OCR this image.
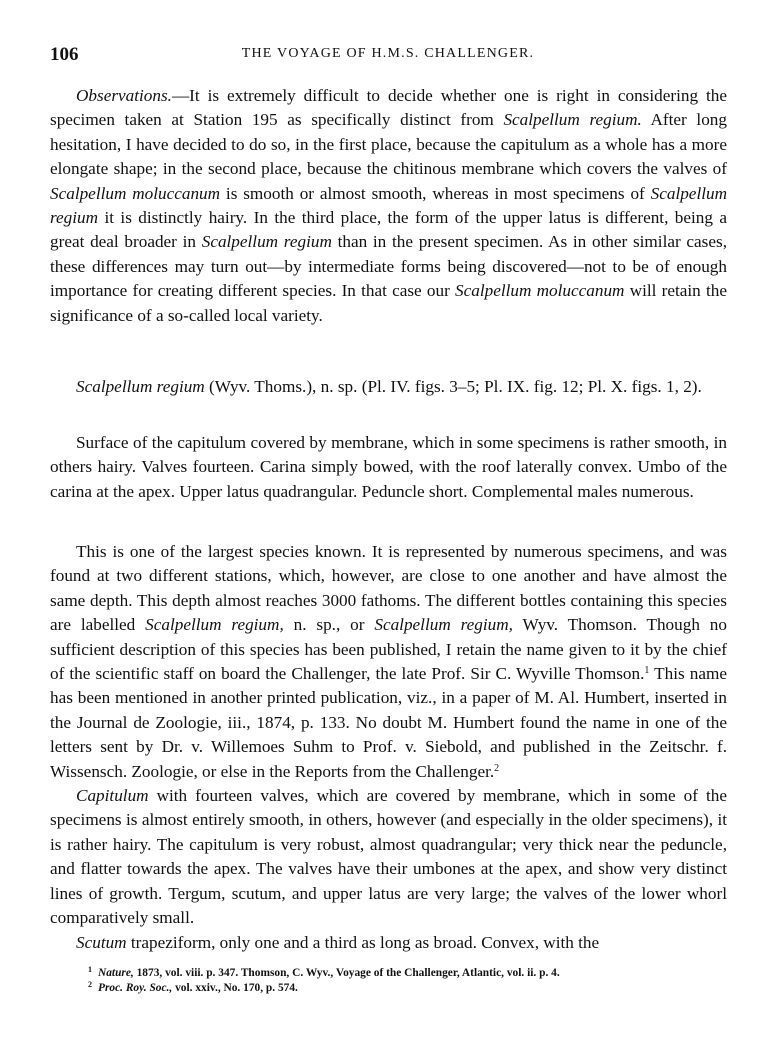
106	THE VOYAGE OF H.M.S. CHALLENGER.

Observations.—It is extremely difficult to decide whether one is right in considering the specimen taken at Station 195 as specifically distinct from Scalpellum regium. After long hesitation, I have decided to do so, in the first place, because the capitulum as a whole has a more elongate shape; in the second place, because the chitinous membrane which covers the valves of Scalpellum moluccanum is smooth or almost smooth, whereas in most specimens of Scalpellum regium it is distinctly hairy. In the third place, the form of the upper latus is different, being a great deal broader in Scalpellum regium than in the present specimen. As in other similar cases, these differences may turn out—by intermediate forms being discovered—not to be of enough importance for creating different species. In that case our Scalpellum moluccanum will retain the significance of a so-called local variety.

Scalpellum regium (Wyv. Thoms.), n. sp. (Pl. IV. figs. 3–5; Pl. IX. fig. 12; Pl. X. figs. 1, 2).

Surface of the capitulum covered by membrane, which in some specimens is rather smooth, in others hairy. Valves fourteen. Carina simply bowed, with the roof laterally convex. Umbo of the carina at the apex. Upper latus quadrangular. Peduncle short. Complemental males numerous.

This is one of the largest species known. It is represented by numerous specimens, and was found at two different stations, which, however, are close to one another and have almost the same depth. This depth almost reaches 3000 fathoms. The different bottles containing this species are labelled Scalpellum regium, n. sp., or Scalpellum regium, Wyv. Thomson. Though no sufficient description of this species has been published, I retain the name given to it by the chief of the scientific staff on board the Challenger, the late Prof. Sir C. Wyville Thomson.$^1$ This name has been mentioned in another printed publication, viz., in a paper of M. Al. Humbert, inserted in the Journal de Zoologie, iii., 1874, p. 133. No doubt M. Humbert found the name in one of the letters sent by Dr. v. Willemoes Suhm to Prof. v. Siebold, and published in the Zeitschr. f. Wissensch. Zoologie, or else in the Reports from the Challenger.$^2$

Capitulum with fourteen valves, which are covered by membrane, which in some of the specimens is almost entirely smooth, in others, however (and especially in the older specimens), it is rather hairy. The capitulum is very robust, almost quadrangular; very thick near the peduncle, and flatter towards the apex. The valves have their umbones at the apex, and show very distinct lines of growth. Tergum, scutum, and upper latus are very large; the valves of the lower whorl comparatively small.

Scutum trapeziform, only one and a third as long as broad. Convex, with the

$^1$ Nature, 1873, vol. viii. p. 347. Thomson, C. Wyv., Voyage of the Challenger, Atlantic, vol. ii. p. 4.
$^2$ Proc. Roy. Soc., vol. xxiv., No. 170, p. 574.
